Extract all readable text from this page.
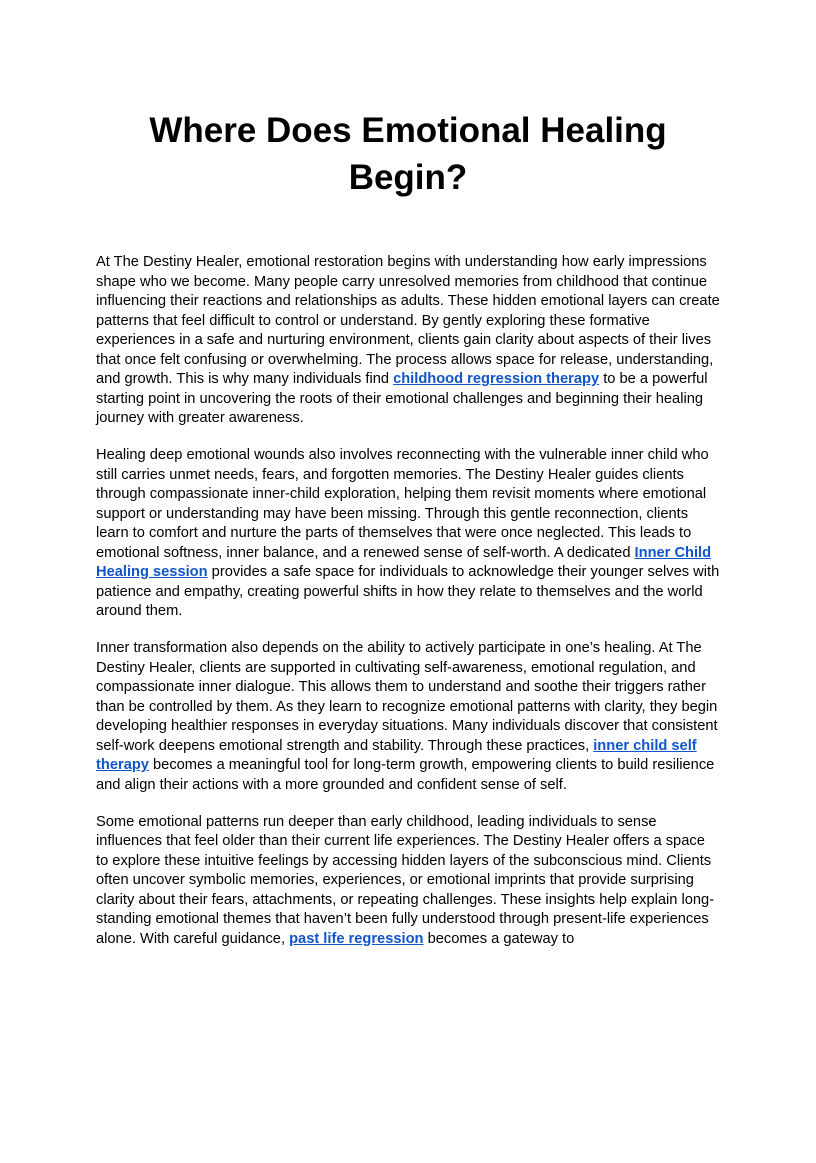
Where Does Emotional Healing Begin?

At The Destiny Healer, emotional restoration begins with understanding how early impressions shape who we become. Many people carry unresolved memories from childhood that continue influencing their reactions and relationships as adults. These hidden emotional layers can create patterns that feel difficult to control or understand. By gently exploring these formative experiences in a safe and nurturing environment, clients gain clarity about aspects of their lives that once felt confusing or overwhelming. The process allows space for release, understanding, and growth. This is why many individuals find childhood regression therapy to be a powerful starting point in uncovering the roots of their emotional challenges and beginning their healing journey with greater awareness.

Healing deep emotional wounds also involves reconnecting with the vulnerable inner child who still carries unmet needs, fears, and forgotten memories. The Destiny Healer guides clients through compassionate inner-child exploration, helping them revisit moments where emotional support or understanding may have been missing. Through this gentle reconnection, clients learn to comfort and nurture the parts of themselves that were once neglected. This leads to emotional softness, inner balance, and a renewed sense of self-worth. A dedicated Inner Child Healing session provides a safe space for individuals to acknowledge their younger selves with patience and empathy, creating powerful shifts in how they relate to themselves and the world around them.

Inner transformation also depends on the ability to actively participate in one’s healing. At The Destiny Healer, clients are supported in cultivating self-awareness, emotional regulation, and compassionate inner dialogue. This allows them to understand and soothe their triggers rather than be controlled by them. As they learn to recognize emotional patterns with clarity, they begin developing healthier responses in everyday situations. Many individuals discover that consistent self-work deepens emotional strength and stability. Through these practices, inner child self therapy becomes a meaningful tool for long-term growth, empowering clients to build resilience and align their actions with a more grounded and confident sense of self.

Some emotional patterns run deeper than early childhood, leading individuals to sense influences that feel older than their current life experiences. The Destiny Healer offers a space to explore these intuitive feelings by accessing hidden layers of the subconscious mind. Clients often uncover symbolic memories, experiences, or emotional imprints that provide surprising clarity about their fears, attachments, or repeating challenges. These insights help explain long-standing emotional themes that haven’t been fully understood through present-life experiences alone. With careful guidance, past life regression becomes a gateway to
